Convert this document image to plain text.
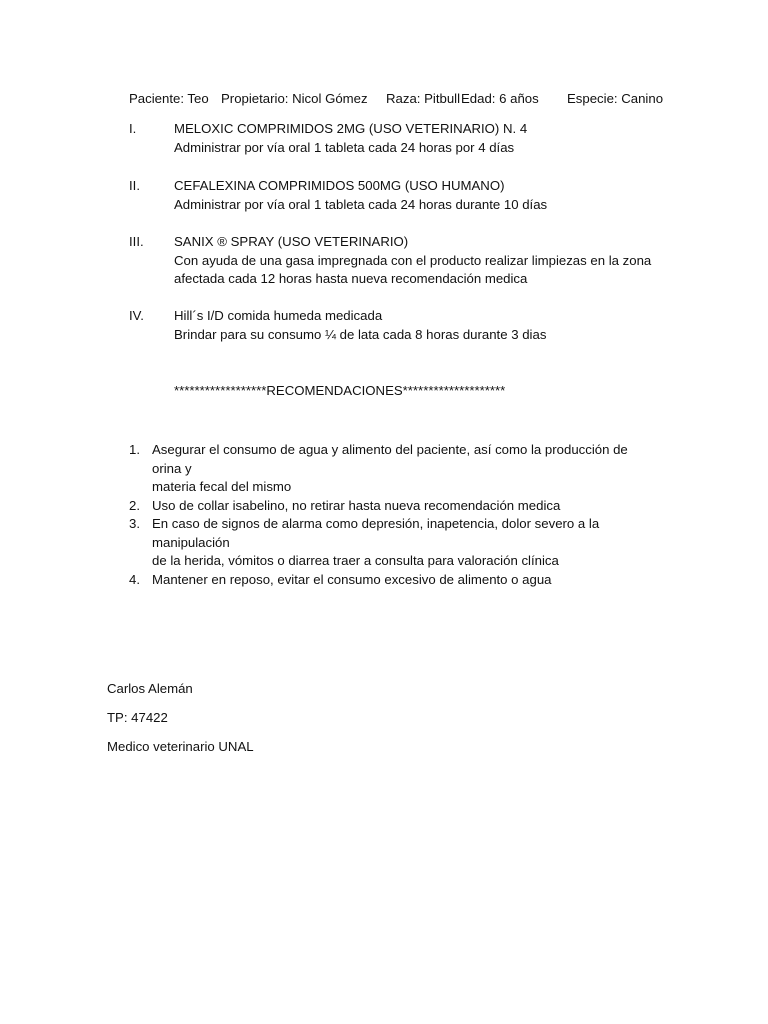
Paciente: Teo Propietario: Nicol Gómez Raza: Pitbull Edad: 6 años Especie: Canino
I.	MELOXIC COMPRIMIDOS 2MG (USO VETERINARIO) N. 4
Administrar por vía oral 1 tableta cada 24 horas por 4 días
II.	CEFALEXINA COMPRIMIDOS 500MG (USO HUMANO)
Administrar por vía oral 1 tableta cada 24 horas durante 10 días
III. SANIX ® SPRAY (USO VETERINARIO)
Con ayuda de una gasa impregnada con el producto realizar limpiezas en la zona
afectada cada 12 horas hasta nueva recomendación medica
IV. Hill´s I/D comida humeda medicada
Brindar para su consumo ¼ de lata cada 8 horas durante 3 dias
******************RECOMENDACIONES********************
1. Asegurar el consumo de agua y alimento del paciente, así como la producción de orina y
materia fecal del mismo
2. Uso de collar isabelino, no retirar hasta nueva recomendación medica
3. En caso de signos de alarma como depresión, inapetencia, dolor severo a la manipulación
de la herida, vómitos o diarrea traer a consulta para valoración clínica
4. Mantener en reposo, evitar el consumo excesivo de alimento o agua
Carlos Alemán
TP: 47422
Medico veterinario UNAL
